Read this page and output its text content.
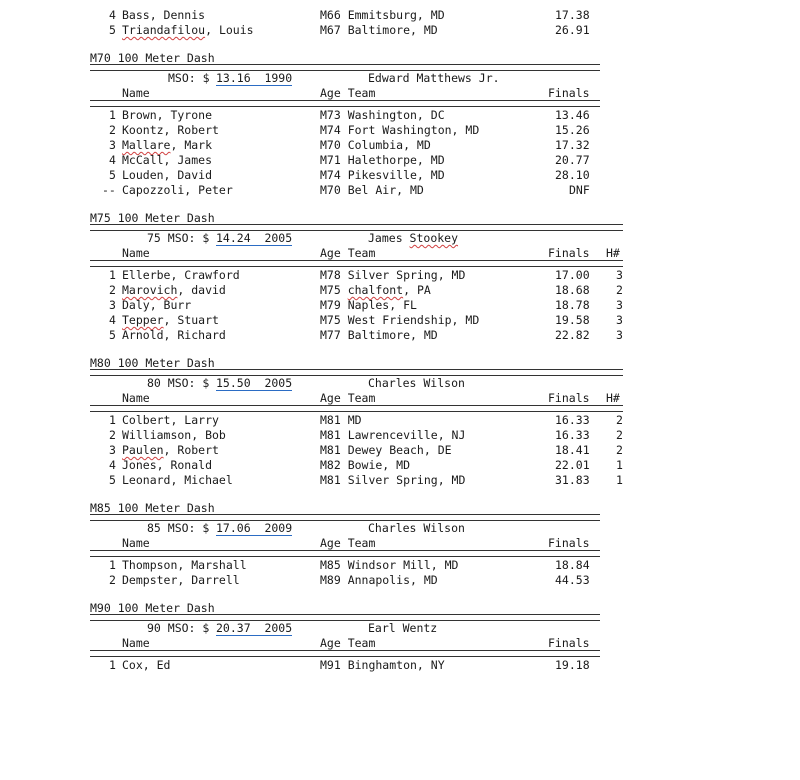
4 Bass, Dennis	M66 Emmitsburg, MD	17.38
5 Triandafilou, Louis	M67 Baltimore, MD	26.91
M70 100 Meter Dash
MSO: $ 13.16  1990	Edward Matthews Jr.
Name	Age Team	Finals
1 Brown, Tyrone	M73 Washington, DC	13.46
2 Koontz, Robert	M74 Fort Washington, MD	15.26
3 Mallare, Mark	M70 Columbia, MD	17.32
4 McCall, James	M71 Halethorpe, MD	20.77
5 Louden, David	M74 Pikesville, MD	28.10
-- Capozzoli, Peter	M70 Bel Air, MD	DNF
M75 100 Meter Dash
75 MSO: $ 14.24  2005	James Stookey
Name	Age Team	Finals H#
1 Ellerbe, Crawford	M78 Silver Spring, MD	17.00 3
2 Marovich, david	M75 chalfont, PA	18.68 2
3 Daly, Burr	M79 Naples, FL	18.78 3
4 Tepper, Stuart	M75 West Friendship, MD	19.58 3
5 Arnold, Richard	M77 Baltimore, MD	22.82 3
M80 100 Meter Dash
80 MSO: $ 15.50  2005	Charles Wilson
Name	Age Team	Finals H#
1 Colbert, Larry	M81 MD	16.33 2
2 Williamson, Bob	M81 Lawrenceville, NJ	16.33 2
3 Paulen, Robert	M81 Dewey Beach, DE	18.41 2
4 Jones, Ronald	M82 Bowie, MD	22.01 1
5 Leonard, Michael	M81 Silver Spring, MD	31.83 1
M85 100 Meter Dash
85 MSO: $ 17.06  2009	Charles Wilson
Name	Age Team	Finals
1 Thompson, Marshall	M85 Windsor Mill, MD	18.84
2 Dempster, Darrell	M89 Annapolis, MD	44.53
M90 100 Meter Dash
90 MSO: $ 20.37  2005	Earl Wentz
Name	Age Team	Finals
1 Cox, Ed	M91 Binghamton, NY	19.18
